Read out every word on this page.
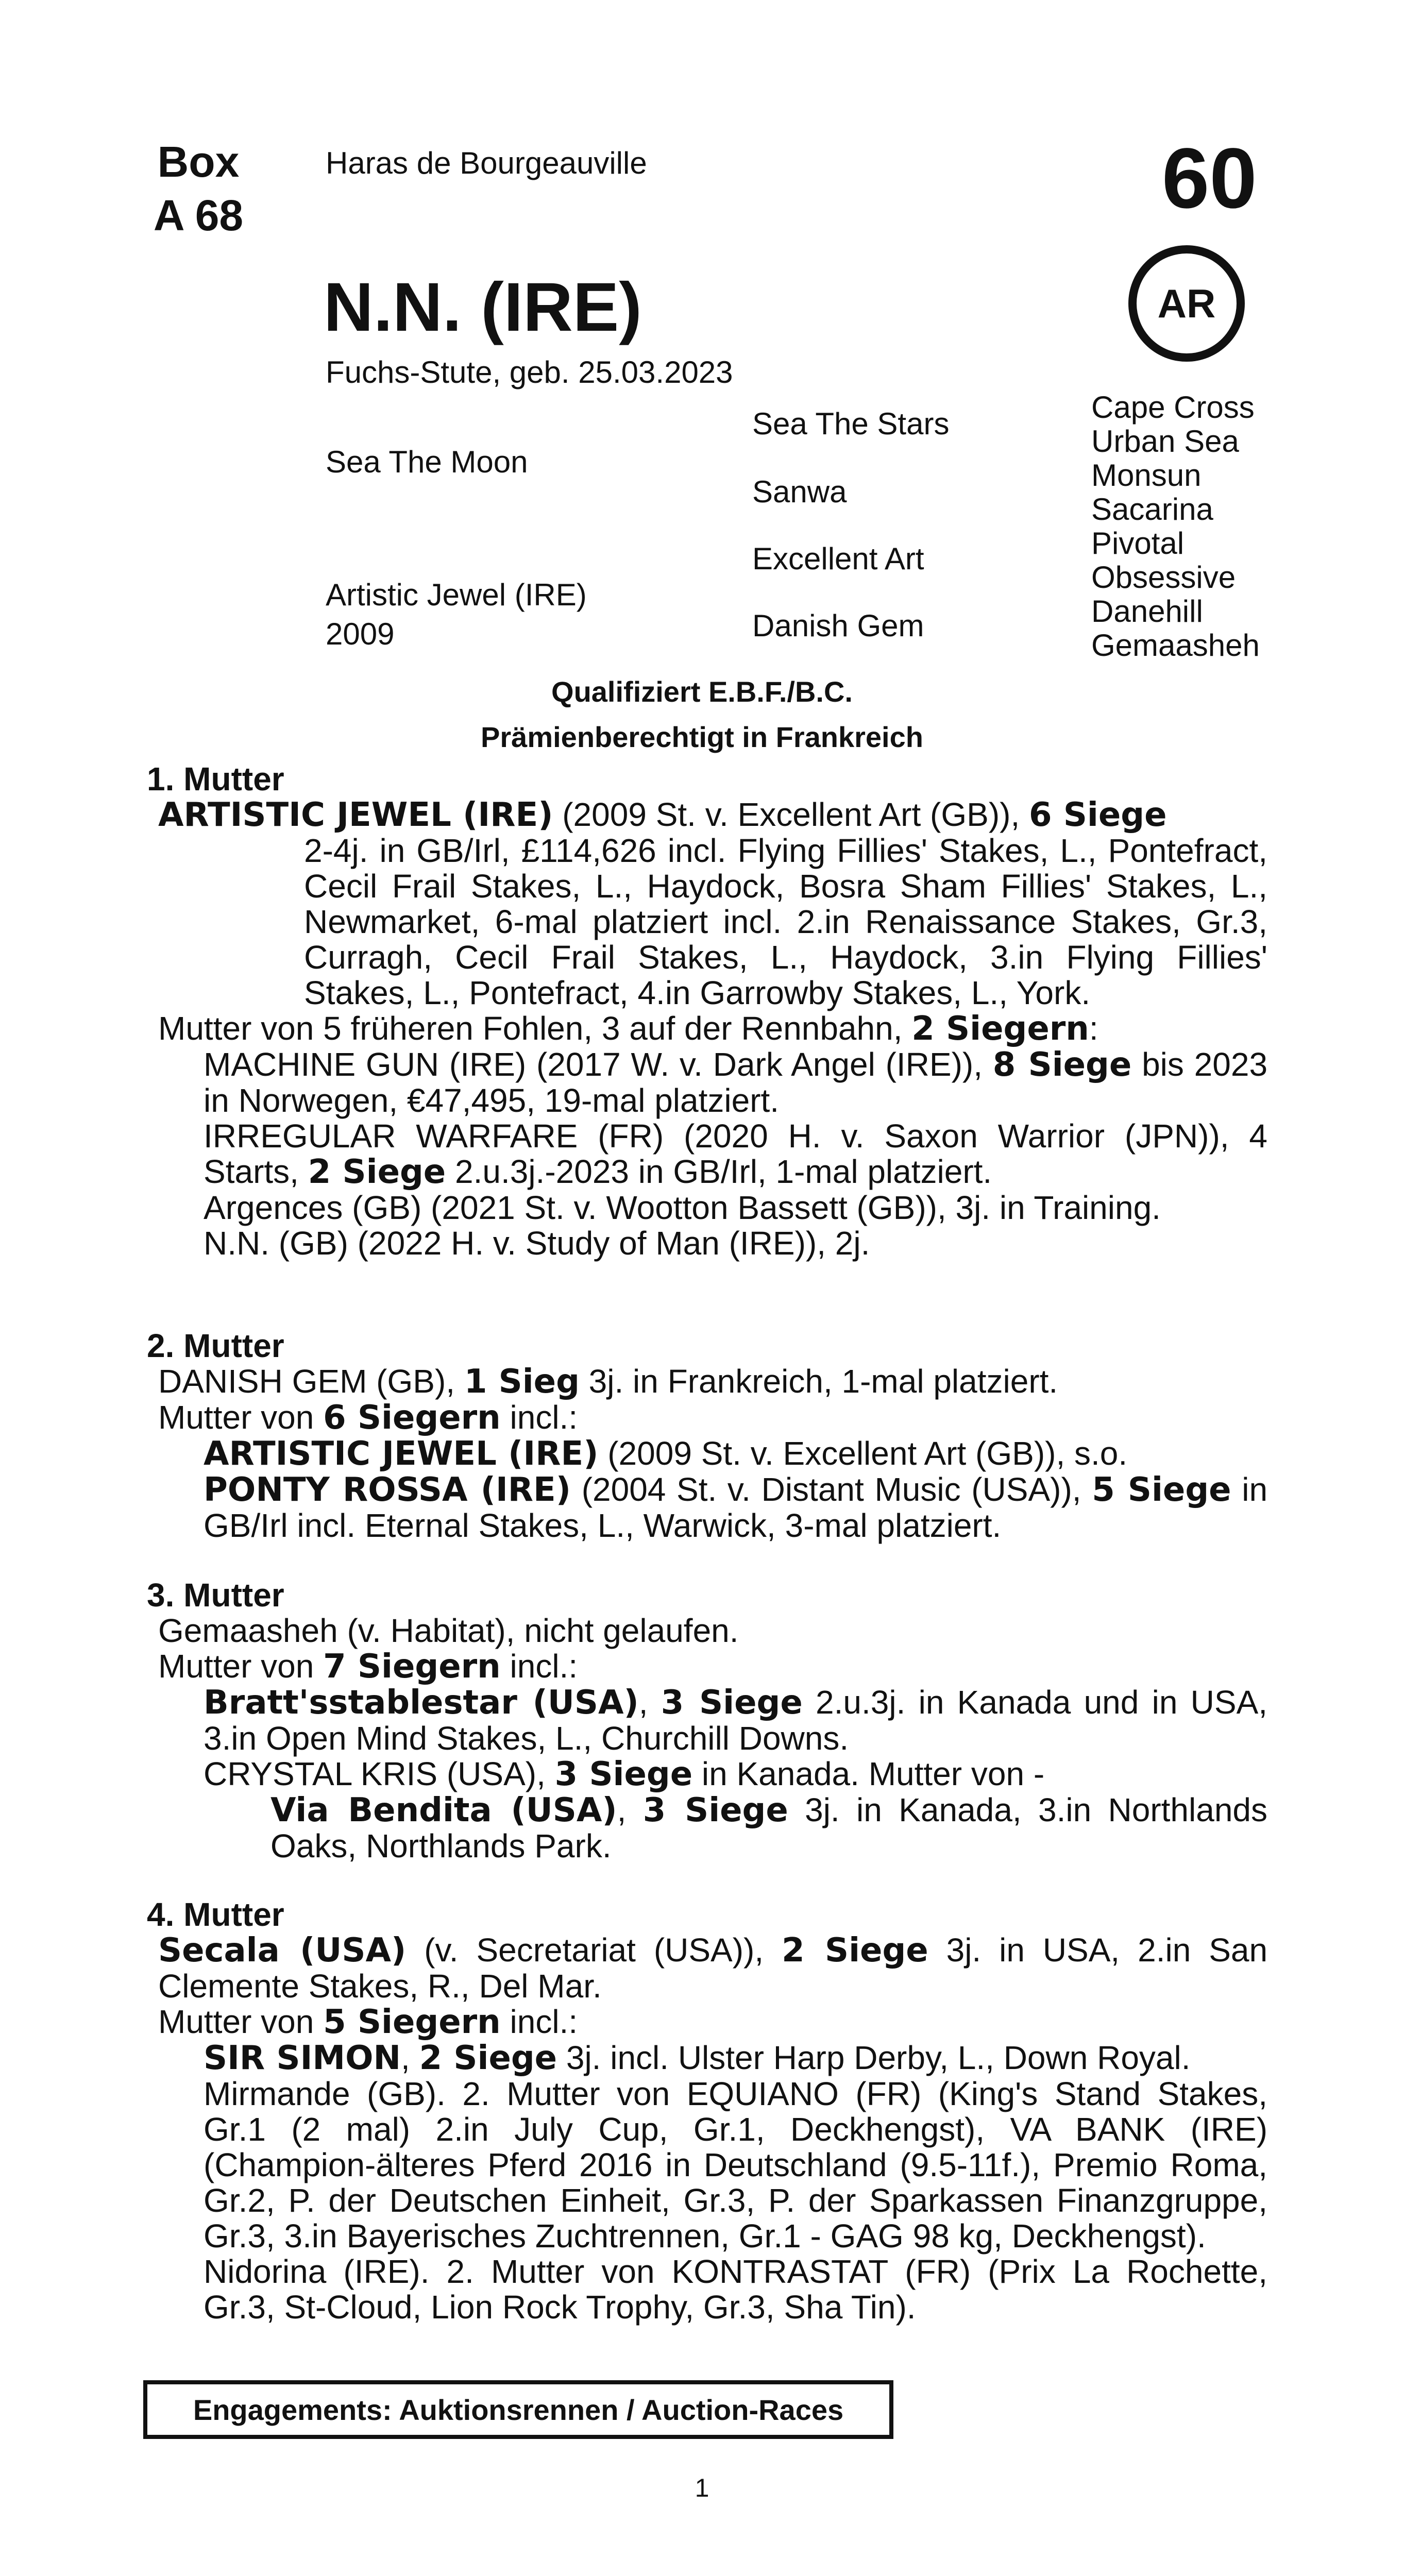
Box
A 68
Haras de Bourgeauville	60
AR
N.N. (IRE)
Fuchs-Stute, geb. 25.03.2023
Sea The Moon
Artistic Jewel (IRE)
2009
Sea The Stars
Sanwa
Excellent Art
Danish Gem
Cape Cross
Urban Sea
Monsun
Sacarina
Pivotal
Obsessive
Danehill
Gemaasheh
Qualifiziert E.B.F./B.C.
Prämienberechtigt in Frankreich
1. Mutter
ARTISTIC JEWEL (IRE) (2009 St. v. Excellent Art (GB)), 6 Siege
2-4j. in GB/Irl, £114,626 incl. Flying Fillies' Stakes, L., Pontefract, Cecil Frail Stakes, L., Haydock, Bosra Sham Fillies' Stakes, L., Newmarket, 6-mal platziert incl. 2.in Renaissance Stakes, Gr.3, Curragh, Cecil Frail Stakes, L., Haydock, 3.in Flying Fillies' Stakes, L., Pontefract, 4.in Garrowby Stakes, L., York.
Mutter von 5 früheren Fohlen, 3 auf der Rennbahn, 2 Siegern:
MACHINE GUN (IRE) (2017 W. v. Dark Angel (IRE)), 8 Siege bis 2023 in Norwegen, €47,495, 19-mal platziert.
IRREGULAR WARFARE (FR) (2020 H. v. Saxon Warrior (JPN)), 4 Starts, 2 Siege 2.u.3j.-2023 in GB/Irl, 1-mal platziert.
Argences (GB) (2021 St. v. Wootton Bassett (GB)), 3j. in Training.
N.N. (GB) (2022 H. v. Study of Man (IRE)), 2j.
2. Mutter
DANISH GEM (GB), 1 Sieg 3j. in Frankreich, 1-mal platziert.
Mutter von 6 Siegern incl.:
ARTISTIC JEWEL (IRE) (2009 St. v. Excellent Art (GB)), s.o.
PONTY ROSSA (IRE) (2004 St. v. Distant Music (USA)), 5 Siege in GB/Irl incl. Eternal Stakes, L., Warwick, 3-mal platziert.
3. Mutter
Gemaasheh (v. Habitat), nicht gelaufen.
Mutter von 7 Siegern incl.:
Bratt'sstablestar (USA), 3 Siege 2.u.3j. in Kanada und in USA, 3.in Open Mind Stakes, L., Churchill Downs.
CRYSTAL KRIS (USA), 3 Siege in Kanada. Mutter von -
Via Bendita (USA), 3 Siege 3j. in Kanada, 3.in Northlands Oaks, Northlands Park.
4. Mutter
Secala (USA) (v. Secretariat (USA)), 2 Siege 3j. in USA, 2.in San Clemente Stakes, R., Del Mar.
Mutter von 5 Siegern incl.:
SIR SIMON, 2 Siege 3j. incl. Ulster Harp Derby, L., Down Royal.
Mirmande (GB). 2. Mutter von EQUIANO (FR) (King's Stand Stakes, Gr.1 (2 mal) 2.in July Cup, Gr.1, Deckhengst), VA BANK (IRE) (Champion-älteres Pferd 2016 in Deutschland (9.5-11f.), Premio Roma, Gr.2, P. der Deutschen Einheit, Gr.3, P. der Sparkassen Finanzgruppe, Gr.3, 3.in Bayerisches Zuchtrennen, Gr.1 - GAG 98 kg, Deckhengst).
Nidorina (IRE). 2. Mutter von KONTRASTAT (FR) (Prix La Rochette, Gr.3, St-Cloud, Lion Rock Trophy, Gr.3, Sha Tin).
Engagements: Auktionsrennen / Auction-Races
1
